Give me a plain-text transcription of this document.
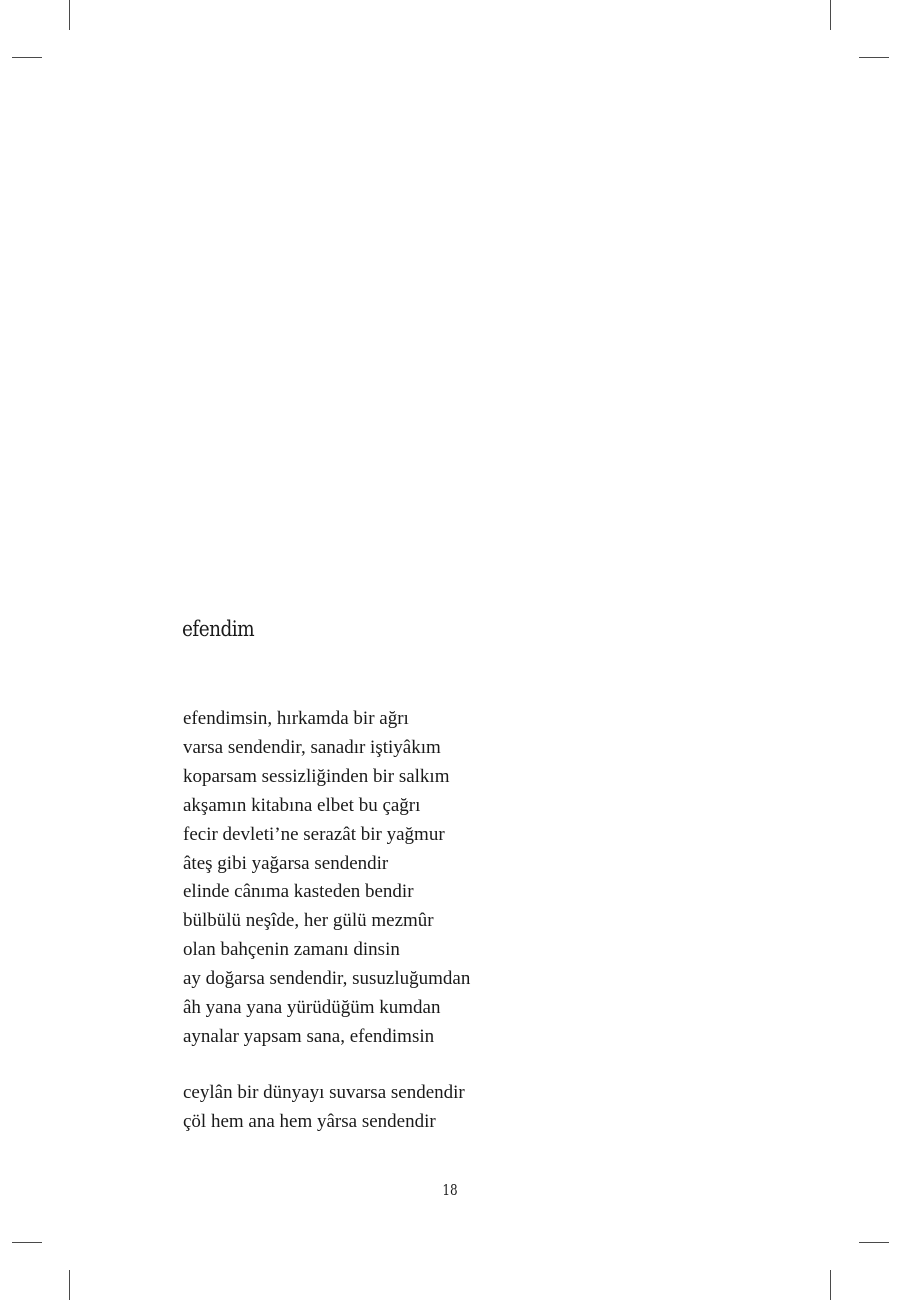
efendim
efendimsin, hırkamda bir ağrı
varsa sendendir, sanadır iştiyâkım
koparsam sessizliğinden bir salkım
akşamın kitabına elbet bu çağrı
fecir devleti’ne serazât bir yağmur
âteş gibi yağarsa sendendir
elinde cânıma kasteden bendir
bülbülü neşîde, her gülü mezmûr
olan bahçenin zamanı dinsin
ay doğarsa sendendir, susuzluğumdan
âh yana yana yürüdüğüm kumdan
aynalar yapsam sana, efendimsin
ceylân bir dünyayı suvarsa sendendir
çöl hem ana hem yârsa sendendir
18
